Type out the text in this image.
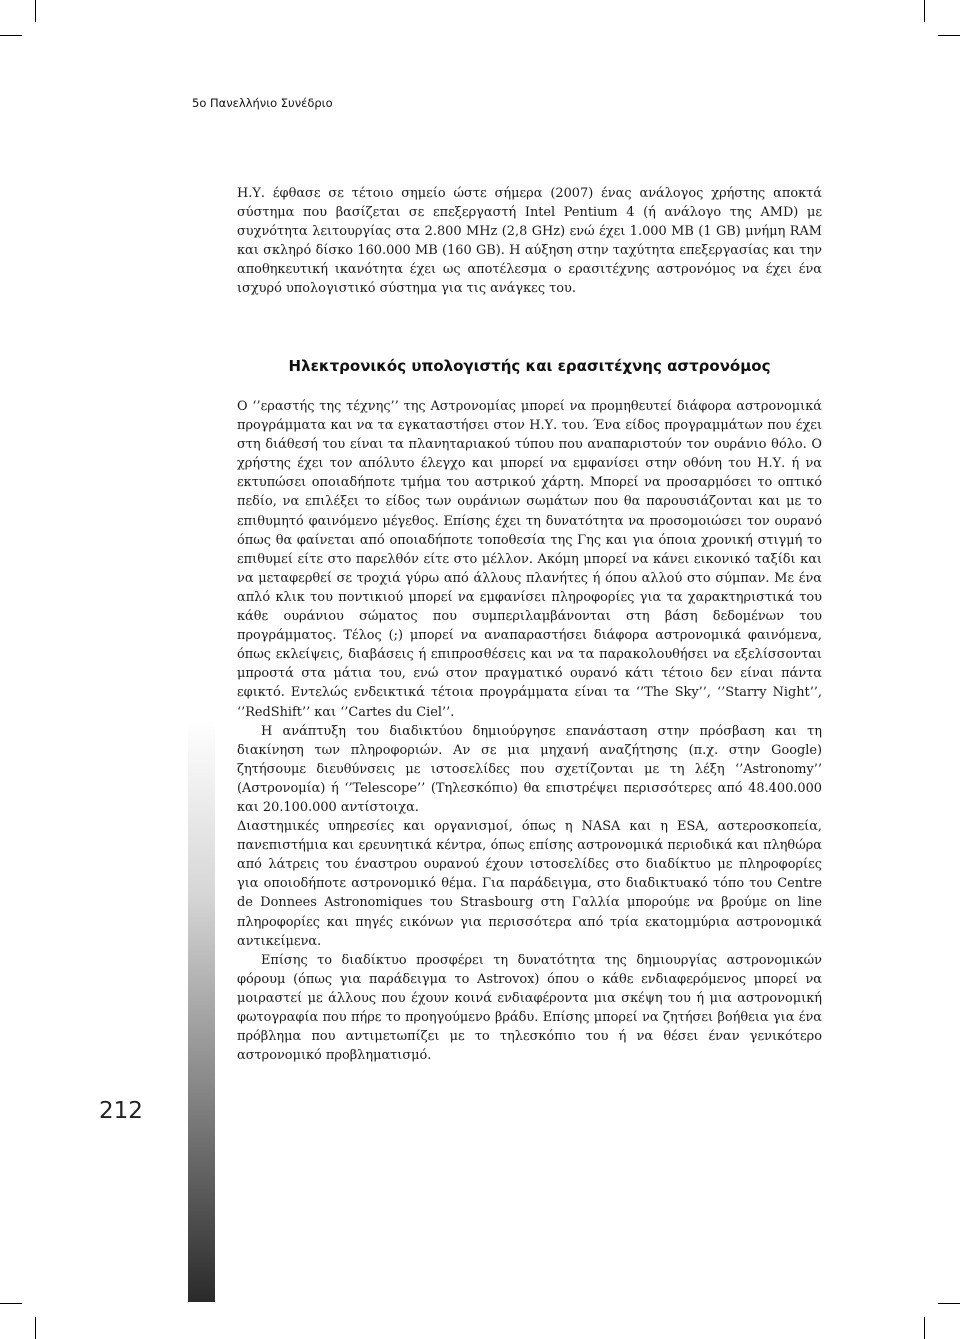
5ο Πανελλήνιο Συνέδριο

Η.Υ. έφθασε σε τέτοιο σημείο ώστε σήμερα (2007) ένας ανάλογος χρήστης αποκτά σύστημα που βασίζεται σε επεξεργαστή Intel Pentium 4 (ή ανάλογο της AMD) με συχνότητα λειτουργίας στα 2.800 MHz (2,8 GHz) ενώ έχει 1.000 MB (1 GB) μνήμη RAM και σκληρό δίσκο 160.000 MB (160 GB). Η αύξηση στην ταχύτητα επεξεργασίας και την αποθηκευτική ικανότητα έχει ως αποτέλεσμα ο ερασιτέχνης αστρονόμος να έχει ένα ισχυρό υπολογιστικό σύστημα για τις ανάγκες του.

Ηλεκτρονικός υπολογιστής και ερασιτέχνης αστρονόμος

Ο ‘’εραστής της τέχνης’’ της Αστρονομίας μπορεί να προμηθευτεί διάφορα αστρονομικά προγράμματα και να τα εγκαταστήσει στον Η.Υ. του. Ένα είδος προγραμμάτων που έχει στη διάθεσή του είναι τα πλανηταριακού τύπου που αναπαριστούν τον ουράνιο θόλο. Ο χρήστης έχει τον απόλυτο έλεγχο και μπορεί να εμφανίσει στην οθόνη του Η.Υ. ή να εκτυπώσει οποιαδήποτε τμήμα του αστρικού χάρτη. Μπορεί να προσαρμόσει το οπτικό πεδίο, να επιλέξει το είδος των ουράνιων σωμάτων που θα παρουσιάζονται και με το επιθυμητό φαινόμενο μέγεθος. Επίσης έχει τη δυνατότητα να προσομοιώσει τον ουρανό όπως θα φαίνεται από οποιαδήποτε τοποθεσία της Γης και για όποια χρονική στιγμή το επιθυμεί είτε στο παρελθόν είτε στο μέλλον. Ακόμη μπορεί να κάνει εικονικό ταξίδι και να μεταφερθεί σε τροχιά γύρω από άλλους πλανήτες ή όπου αλλού στο σύμπαν. Με ένα απλό κλικ του ποντικιού μπορεί να εμφανίσει πληροφορίες για τα χαρακτηριστικά του κάθε ουράνιου σώματος που συμπεριλαμβάνονται στη βάση δεδομένων του προγράμματος. Τέλος (;) μπορεί να αναπαραστήσει διάφορα αστρονομικά φαινόμενα, όπως εκλείψεις, διαβάσεις ή επιπροσθέσεις και να τα παρακολουθήσει να εξελίσσονται μπροστά στα μάτια του, ενώ στον πραγματικό ουρανό κάτι τέτοιο δεν είναι πάντα εφικτό. Εντελώς ενδεικτικά τέτοια προγράμματα είναι τα ‘’The Sky’’, ‘’Starry Night’’, ‘’RedShift’’ και ‘’Cartes du Ciel’’.

Η ανάπτυξη του διαδικτύου δημιούργησε επανάσταση στην πρόσβαση και τη διακίνηση των πληροφοριών. Αν σε μια μηχανή αναζήτησης (π.χ. στην Google) ζητήσουμε διευθύνσεις με ιστοσελίδες που σχετίζονται με τη λέξη ‘’Astronomy’’ (Αστρονομία) ή ‘’Telescope’’ (Τηλεσκόπιο) θα επιστρέψει περισσότερες από 48.400.000 και 20.100.000 αντίστοιχα.

Διαστημικές υπηρεσίες και οργανισμοί, όπως η NASA και η ESA, αστεροσκοπεία, πανεπιστήμια και ερευνητικά κέντρα, όπως επίσης αστρονομικά περιοδικά και πληθώρα από λάτρεις του έναστρου ουρανού έχουν ιστοσελίδες στο διαδίκτυο με πληροφορίες για οποιοδήποτε αστρονομικό θέμα. Για παράδειγμα, στο διαδικτυακό τόπο του Centre de Donnees Astronomiques του Strasbourg στη Γαλλία μπορούμε να βρούμε on line πληροφορίες και πηγές εικόνων για περισσότερα από τρία εκατομμύρια αστρονομικά αντικείμενα.

Επίσης το διαδίκτυο προσφέρει τη δυνατότητα της δημιουργίας αστρονομικών φόρουμ (όπως για παράδειγμα το Astrovox) όπου ο κάθε ενδιαφερόμενος μπορεί να μοιραστεί με άλλους που έχουν κοινά ενδιαφέροντα μια σκέψη του ή μια αστρονομική φωτογραφία που πήρε το προηγούμενο βράδυ. Επίσης μπορεί να ζητήσει βοήθεια για ένα πρόβλημα που αντιμετωπίζει με το τηλεσκόπιο του ή να θέσει έναν γενικότερο αστρονομικό προβληματισμό.

212
